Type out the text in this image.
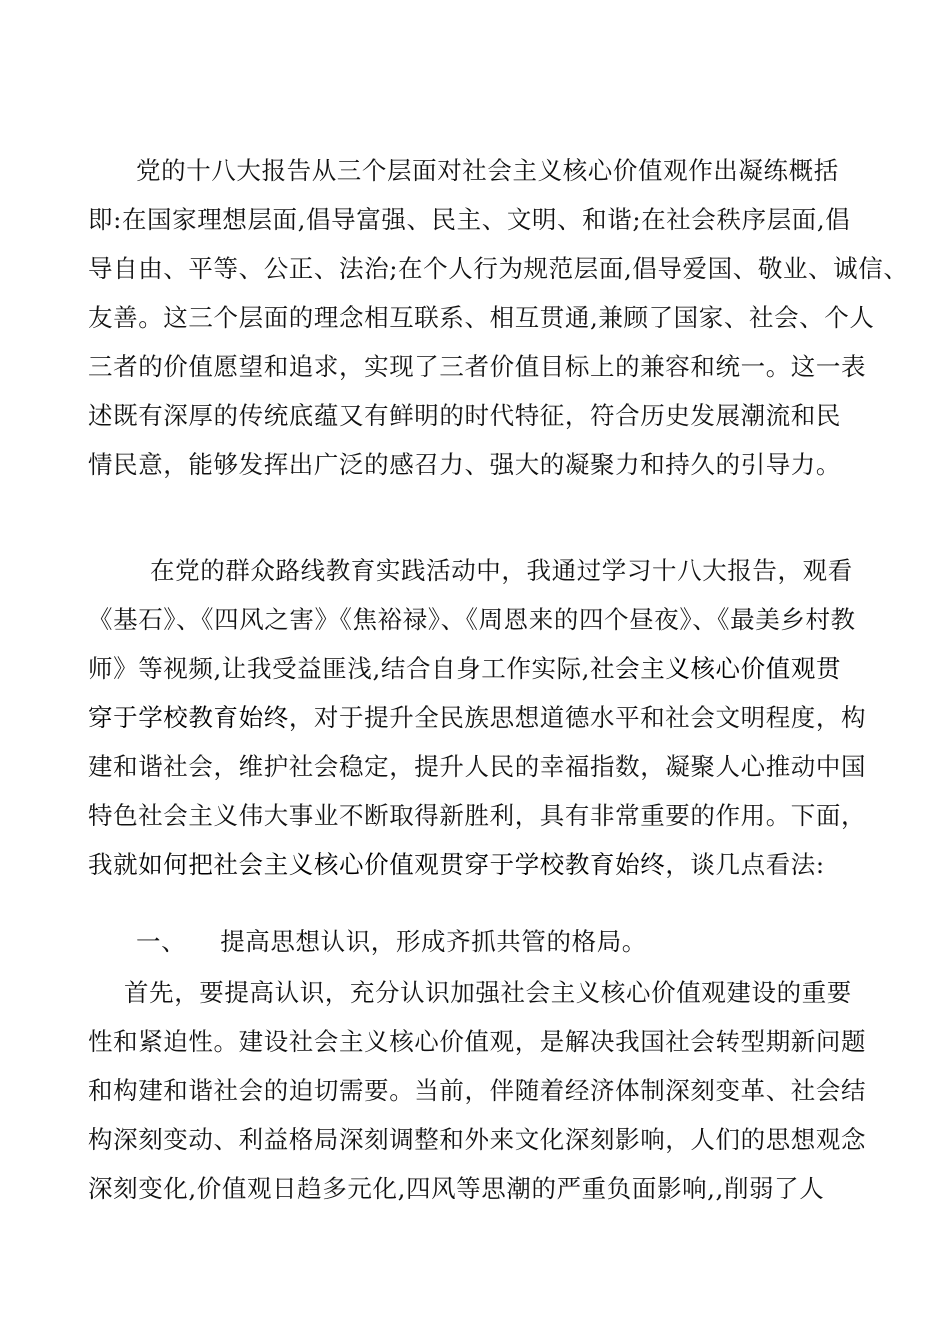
党的十八大报告从三个层面对社会主义核心价值观作出凝练概括
即:在国家理想层面,倡导富强、民主、文明、和谐;在社会秩序层面,倡
导自由、平等、公正、法治;在个人行为规范层面,倡导爱国、敬业、诚信、
友善。这三个层面的理念相互联系、相互贯通,兼顾了国家、社会、个人
三者的价值愿望和追求，实现了三者价值目标上的兼容和统一。这一表
述既有深厚的传统底蕴又有鲜明的时代特征，符合历史发展潮流和民
情民意，能够发挥出广泛的感召力、强大的凝聚力和持久的引导力。
在党的群众路线教育实践活动中，我通过学习十八大报告，观看
《基石》、《四风之害》《焦裕禄》、《周恩来的四个昼夜》、《最美乡村教
师》等视频,让我受益匪浅,结合自身工作实际,社会主义核心价值观贯
穿于学校教育始终，对于提升全民族思想道德水平和社会文明程度，构
建和谐社会，维护社会稳定，提升人民的幸福指数，凝聚人心推动中国
特色社会主义伟大事业不断取得新胜利，具有非常重要的作用。下面，
我就如何把社会主义核心价值观贯穿于学校教育始终，谈几点看法:
一、 提高思想认识，形成齐抓共管的格局。
首先，要提高认识，充分认识加强社会主义核心价值观建设的重要
性和紧迫性。建设社会主义核心价值观，是解决我国社会转型期新问题
和构建和谐社会的迫切需要。当前，伴随着经济体制深刻变革、社会结
构深刻变动、利益格局深刻调整和外来文化深刻影响，人们的思想观念
深刻变化,价值观日趋多元化,四风等思潮的严重负面影响,,削弱了人
